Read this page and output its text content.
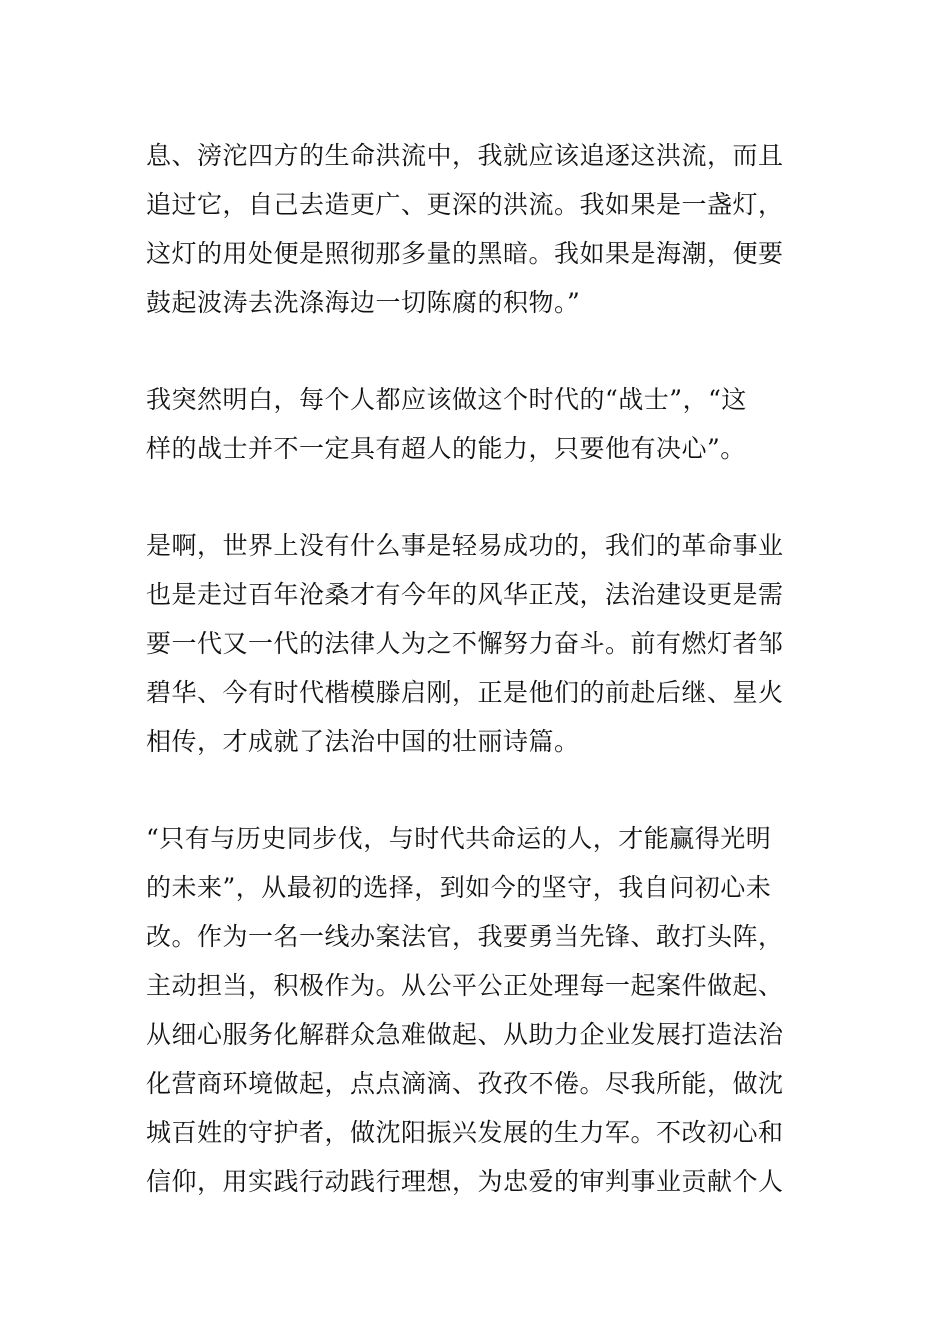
息、滂沱四方的生命洪流中，我就应该追逐这洪流，而且
追过它，自己去造更广、更深的洪流。我如果是一盏灯，
这灯的用处便是照彻那多量的黑暗。我如果是海潮，便要
鼓起波涛去洗涤海边一切陈腐的积物。”
我突然明白，每个人都应该做这个时代的“战士”，“这
样的战士并不一定具有超人的能力，只要他有决心”。
是啊，世界上没有什么事是轻易成功的，我们的革命事业
也是走过百年沧桑才有今年的风华正茂，法治建设更是需
要一代又一代的法律人为之不懈努力奋斗。前有燃灯者邹
碧华、今有时代楷模滕启刚，正是他们的前赴后继、星火
相传，才成就了法治中国的壮丽诗篇。
“只有与历史同步伐，与时代共命运的人，才能赢得光明
的未来”，从最初的选择，到如今的坚守，我自问初心未
改。作为一名一线办案法官，我要勇当先锋、敢打头阵，
主动担当，积极作为。从公平公正处理每一起案件做起、
从细心服务化解群众急难做起、从助力企业发展打造法治
化营商环境做起，点点滴滴、孜孜不倦。尽我所能，做沈
城百姓的守护者，做沈阳振兴发展的生力军。不改初心和
信仰，用实践行动践行理想，为忠爱的审判事业贡献个人
